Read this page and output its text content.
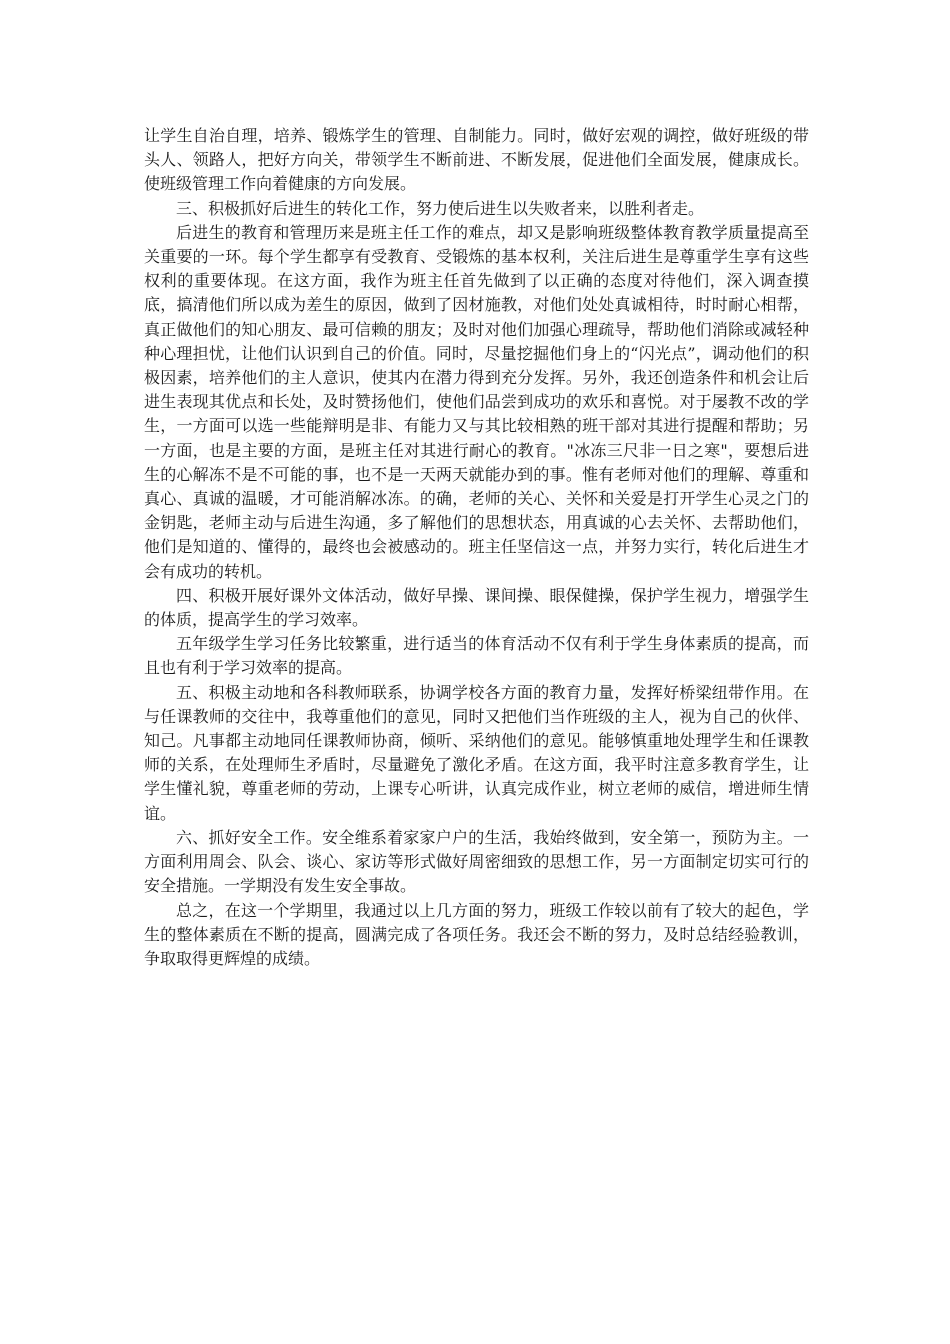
让学生自治自理，培养、锻炼学生的管理、自制能力。同时，做好宏观的调控，做好班级的带头人、领路人，把好方向关，带领学生不断前进、不断发展，促进他们全面发展，健康成长。使班级管理工作向着健康的方向发展。

三、积极抓好后进生的转化工作，努力使后进生以失败者来，以胜利者走。

后进生的教育和管理历来是班主任工作的难点，却又是影响班级整体教育教学质量提高至关重要的一环。每个学生都享有受教育、受锻炼的基本权利，关注后进生是尊重学生享有这些权利的重要体现。在这方面，我作为班主任首先做到了以正确的态度对待他们，深入调查摸底，搞清他们所以成为差生的原因，做到了因材施教，对他们处处真诚相待，时时耐心相帮，真正做他们的知心朋友、最可信赖的朋友；及时对他们加强心理疏导，帮助他们消除或减轻种种心理担忧，让他们认识到自己的价值。同时，尽量挖掘他们身上的“闪光点”，调动他们的积极因素，培养他们的主人意识，使其内在潜力得到充分发挥。另外，我还创造条件和机会让后进生表现其优点和长处，及时赞扬他们，使他们品尝到成功的欢乐和喜悦。对于屡教不改的学生，一方面可以选一些能辩明是非、有能力又与其比较相熟的班干部对其进行提醒和帮助；另一方面，也是主要的方面，是班主任对其进行耐心的教育。"冰冻三尺非一日之寒"，要想后进生的心解冻不是不可能的事，也不是一天两天就能办到的事。惟有老师对他们的理解、尊重和真心、真诚的温暖，才可能消解冰冻。的确，老师的关心、关怀和关爱是打开学生心灵之门的金钥匙，老师主动与后进生沟通，多了解他们的思想状态，用真诚的心去关怀、去帮助他们，他们是知道的、懂得的，最终也会被感动的。班主任坚信这一点，并努力实行，转化后进生才会有成功的转机。

四、积极开展好课外文体活动，做好早操、课间操、眼保健操，保护学生视力，增强学生的体质，提高学生的学习效率。

五年级学生学习任务比较繁重，进行适当的体育活动不仅有利于学生身体素质的提高，而且也有利于学习效率的提高。

五、积极主动地和各科教师联系，协调学校各方面的教育力量，发挥好桥梁纽带作用。在与任课教师的交往中，我尊重他们的意见，同时又把他们当作班级的主人，视为自己的伙伴、知己。凡事都主动地同任课教师协商，倾听、采纳他们的意见。能够慎重地处理学生和任课教师的关系，在处理师生矛盾时，尽量避免了激化矛盾。在这方面，我平时注意多教育学生，让学生懂礼貌，尊重老师的劳动，上课专心听讲，认真完成作业，树立老师的威信，增进师生情谊。

六、抓好安全工作。安全维系着家家户户的生活，我始终做到，安全第一，预防为主。一方面利用周会、队会、谈心、家访等形式做好周密细致的思想工作，另一方面制定切实可行的安全措施。一学期没有发生安全事故。

总之，在这一个学期里，我通过以上几方面的努力，班级工作较以前有了较大的起色，学生的整体素质在不断的提高，圆满完成了各项任务。我还会不断的努力，及时总结经验教训，争取取得更辉煌的成绩。
